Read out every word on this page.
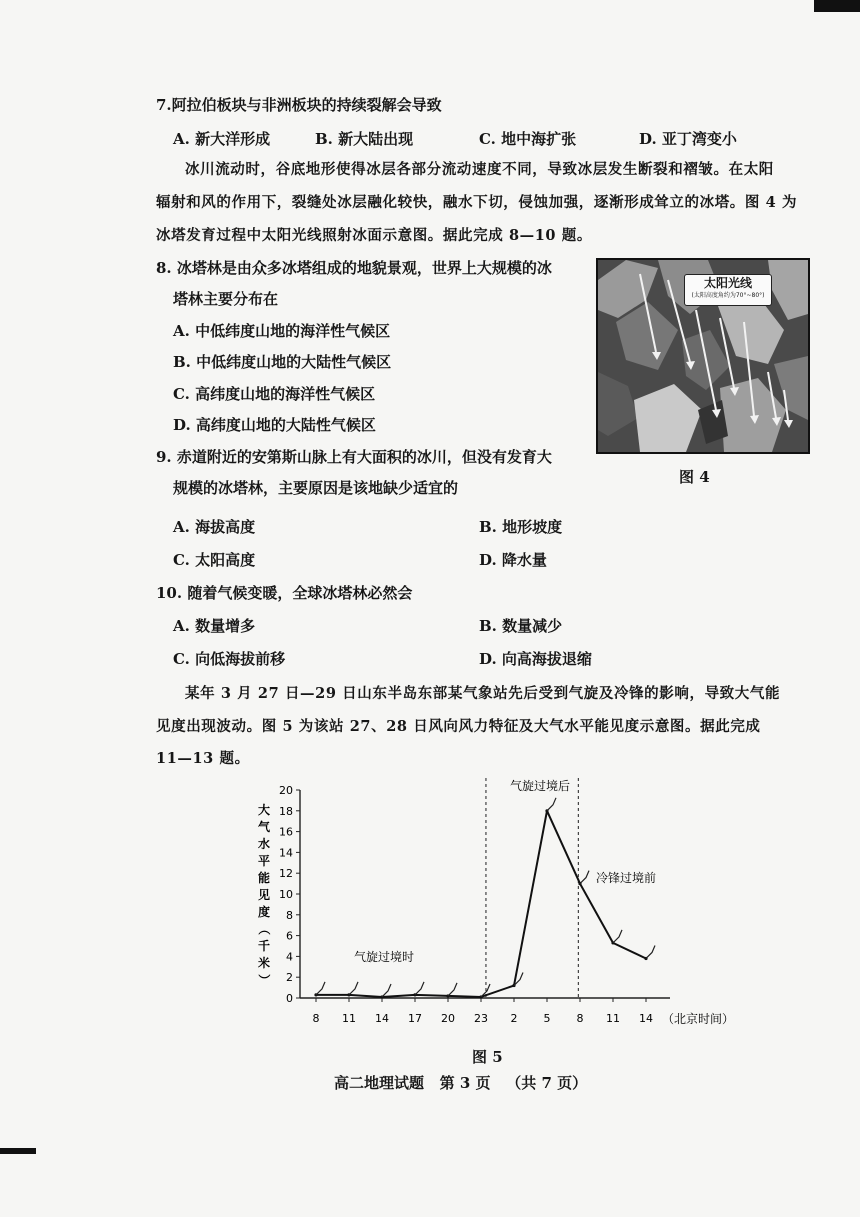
7.阿拉伯板块与非洲板块的持续裂解会导致
A. 新大洋形成	B. 新大陆出现	C. 地中海扩张	D. 亚丁湾变小
冰川流动时，谷底地形使得冰层各部分流动速度不同，导致冰层发生断裂和褶皱。在太阳
辐射和风的作用下，裂缝处冰层融化较快，融水下切，侵蚀加强，逐渐形成耸立的冰塔。图 4 为
冰塔发育过程中太阳光线照射冰面示意图。据此完成 8—10 题。
8. 冰塔林是由众多冰塔组成的地貌景观，世界上大规模的冰
塔林主要分布在
A. 中低纬度山地的海洋性气候区
B. 中低纬度山地的大陆性气候区
C. 高纬度山地的海洋性气候区
D. 高纬度山地的大陆性气候区
太阳光线
(太阳高度角约为70°~80°)
图 4
9. 赤道附近的安第斯山脉上有大面积的冰川，但没有发育大
规模的冰塔林，主要原因是该地缺少适宜的
A. 海拔高度	B. 地形坡度
C. 太阳高度	D. 降水量
10. 随着气候变暖，全球冰塔林必然会
A. 数量增多	B. 数量减少
C. 向低海拔前移	D. 向高海拔退缩
某年 3 月 27 日—29 日山东半岛东部某气象站先后受到气旋及冷锋的影响，导致大气能
见度出现波动。图 5 为该站 27、28 日风向风力特征及大气水平能见度示意图。据此完成
11—13 题。
大
气
水
平
能
见
度
（
千
米
）
0
2
4
6
8
10
12
14
16
18
20
8 11 14 17 20 23 2 5 8 11 14 （北京时间）
气旋过境时
气旋过境后
冷锋过境前
图 5
高二地理试题   第 3 页   （共 7 页）
